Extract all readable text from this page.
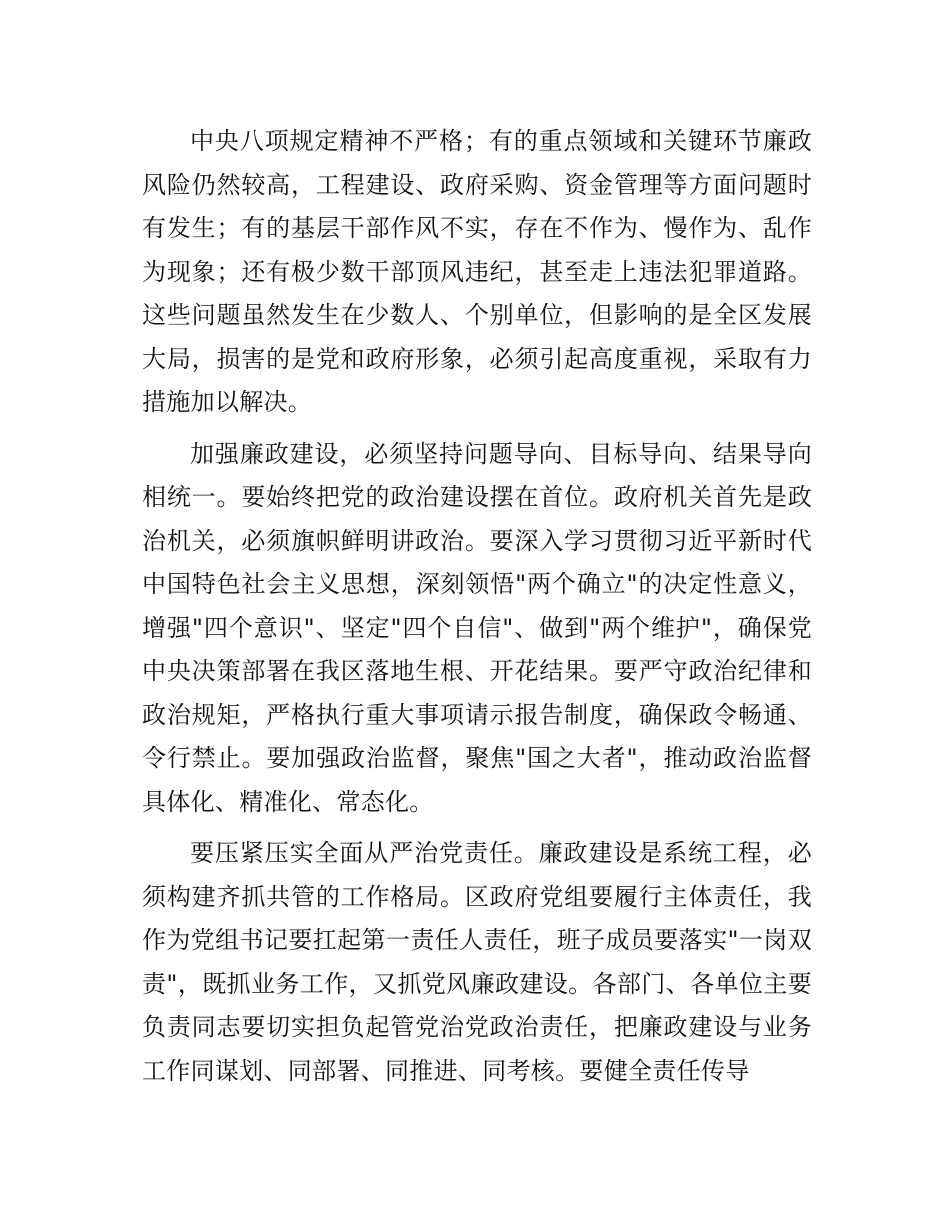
中央八项规定精神不严格；有的重点领域和关键环节廉政风险仍然较高，工程建设、政府采购、资金管理等方面问题时有发生；有的基层干部作风不实，存在不作为、慢作为、乱作为现象；还有极少数干部顶风违纪，甚至走上违法犯罪道路。这些问题虽然发生在少数人、个别单位，但影响的是全区发展大局，损害的是党和政府形象，必须引起高度重视，采取有力措施加以解决。

加强廉政建设，必须坚持问题导向、目标导向、结果导向相统一。要始终把党的政治建设摆在首位。政府机关首先是政治机关，必须旗帜鲜明讲政治。要深入学习贯彻习近平新时代中国特色社会主义思想，深刻领悟"两个确立"的决定性意义，增强"四个意识"、坚定"四个自信"、做到"两个维护"，确保党中央决策部署在我区落地生根、开花结果。要严守政治纪律和政治规矩，严格执行重大事项请示报告制度，确保政令畅通、令行禁止。要加强政治监督，聚焦"国之大者"，推动政治监督具体化、精准化、常态化。

要压紧压实全面从严治党责任。廉政建设是系统工程，必须构建齐抓共管的工作格局。区政府党组要履行主体责任，我作为党组书记要扛起第一责任人责任，班子成员要落实"一岗双责"，既抓业务工作，又抓党风廉政建设。各部门、各单位主要负责同志要切实担负起管党治党政治责任，把廉政建设与业务工作同谋划、同部署、同推进、同考核。要健全责任传导
